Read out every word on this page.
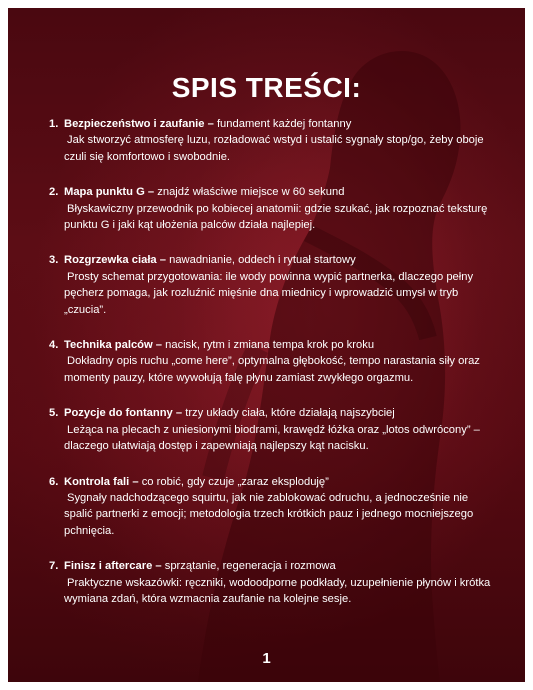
SPIS TREŚCI:
1. Bezpieczeństwo i zaufanie – fundament każdej fontanny
Jak stworzyć atmosferę luzu, rozładować wstyd i ustalić sygnały stop/go, żeby oboje czuli się komfortowo i swobodnie.
2. Mapa punktu G – znajdź właściwe miejsce w 60 sekund
Błyskawiczny przewodnik po kobiecej anatomii: gdzie szukać, jak rozpoznać teksturę punktu G i jaki kąt ułożenia palców działa najlepiej.
3. Rozgrzewka ciała – nawadnianie, oddech i rytuał startowy
Prosty schemat przygotowania: ile wody powinna wypić partnerka, dlaczego pełny pęcherz pomaga, jak rozluźnić mięśnie dna miednicy i wprowadzić umysł w tryb „czucia”.
4. Technika palców – nacisk, rytm i zmiana tempa krok po kroku
Dokładny opis ruchu „come here”, optymalna głębokość, tempo narastania siły oraz momenty pauzy, które wywołują falę płynu zamiast zwykłego orgazmu.
5. Pozycje do fontanny – trzy układy ciała, które działają najszybciej
Leżąca na plecach z uniesionymi biodrami, krawędź łóżka oraz „lotos odwrócony” – dlaczego ułatwiają dostęp i zapewniają najlepszy kąt nacisku.
6. Kontrola fali – co robić, gdy czuje „zaraz eksploduję”
Sygnały nadchodzącego squirtu, jak nie zablokować odruchu, a jednocześnie nie spalić partnerki z emocji; metodologia trzech krótkich pauz i jednego mocniejszego pchnięcia.
7. Finisz i aftercare – sprzątanie, regeneracja i rozmowa
Praktyczne wskazówki: ręczniki, wodoodporne podkłady, uzupełnienie płynów i krótka wymiana zdań, która wzmacnia zaufanie na kolejne sesje.
1
